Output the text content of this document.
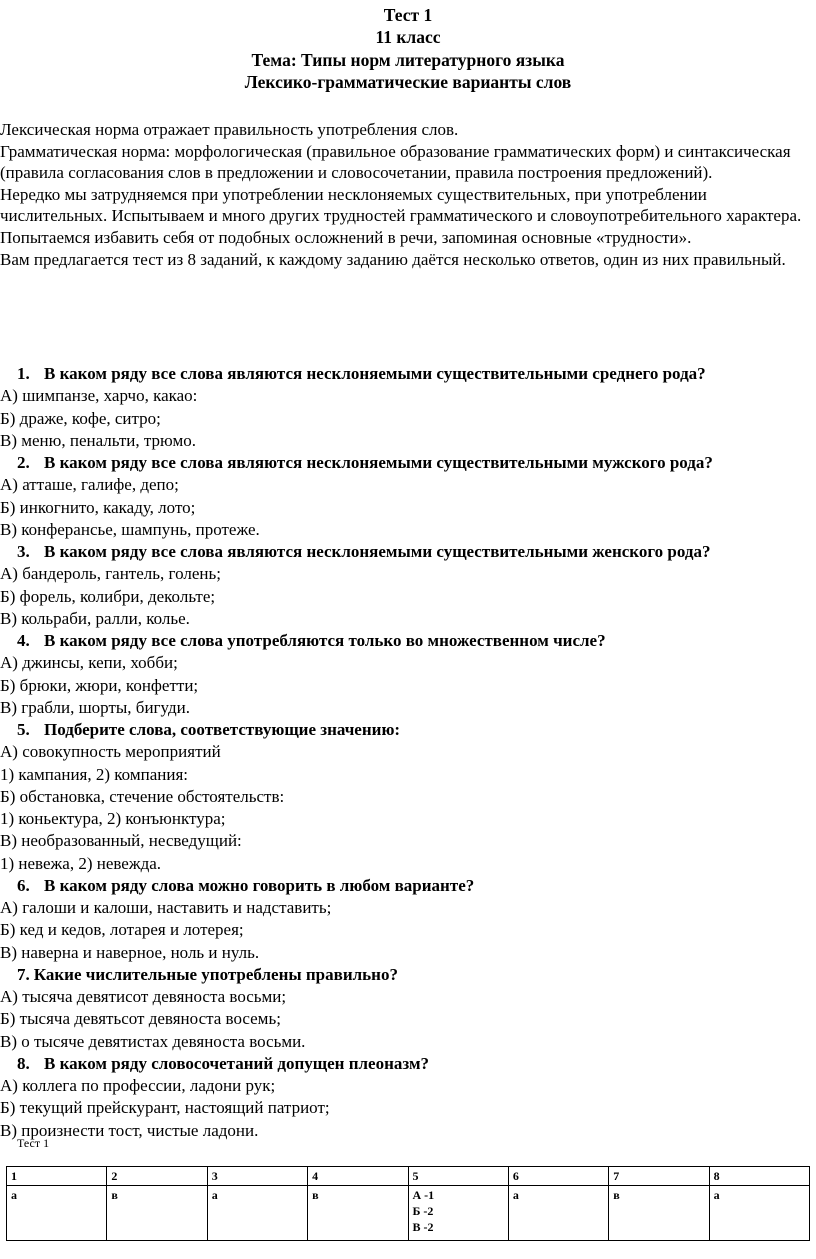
Тест 1
11 класс
Тема: Типы норм литературного языка
Лексико-грамматические варианты слов

Лексическая норма отражает правильность употребления слов.

Грамматическая норма: морфологическая (правильное образование грамматических форм) и синтаксическая (правила согласования слов в предложении и словосочетании, правила построения предложений).

Нередко мы затрудняемся при употреблении несклоняемых существительных, при употреблении числительных. Испытываем и много других трудностей грамматического и словоупотребительного характера. Попытаемся избавить себя от подобных осложнений в речи, запоминая основные «трудности».

Вам предлагается тест из 8 заданий, к каждому заданию даётся несколько ответов, один из них правильный.

1. В каком ряду все слова являются несклоняемыми существительными среднего рода?
А) шимпанзе, харчо, какао:
Б) драже, кофе, ситро;
В) меню, пенальти, трюмо.
2. В каком ряду все слова являются несклоняемыми существительными мужского рода?
А) атташе, галифе, депо;
Б) инкогнито, какаду, лото;
В) конферансье, шампунь, протеже.
3. В каком ряду все слова являются несклоняемыми существительными женского рода?
А) бандероль, гантель, голень;
Б) форель, колибри, декольте;
В) кольраби, ралли, колье.
4. В каком ряду все слова употребляются только во множественном числе?
А) джинсы, кепи, хобби;
Б) брюки, жюри, конфетти;
В) грабли, шорты, бигуди.
5. Подберите слова, соответствующие значению:
А) совокупность мероприятий
1) кампания, 2) компания:
Б) обстановка, стечение обстоятельств:
1) коньектура, 2) конъюнктура;
В) необразованный, несведущий:
1) невежа, 2) невежда.
6. В каком ряду слова можно говорить в любом варианте?
А) галоши и калоши, наставить и надставить;
Б) кед и кедов, лотарея и лотерея;
В) наверна и наверное, ноль и нуль.
7. Какие числительные употреблены правильно?
А) тысяча девятисот девяноста восьми;
Б) тысяча девятьсот девяноста восемь;
В) о тысяче девятистах девяноста восьми.
8. В каком ряду словосочетаний допущен плеоназм?
А) коллега по профессии, ладони рук;
Б) текущий прейскурант, настоящий патриот;
В) произнести тост, чистые ладони.
Тест 1
1	2	3	4	5	6	7	8
а	в	а	в	А -1
Б -2
В -2	а	в	а
